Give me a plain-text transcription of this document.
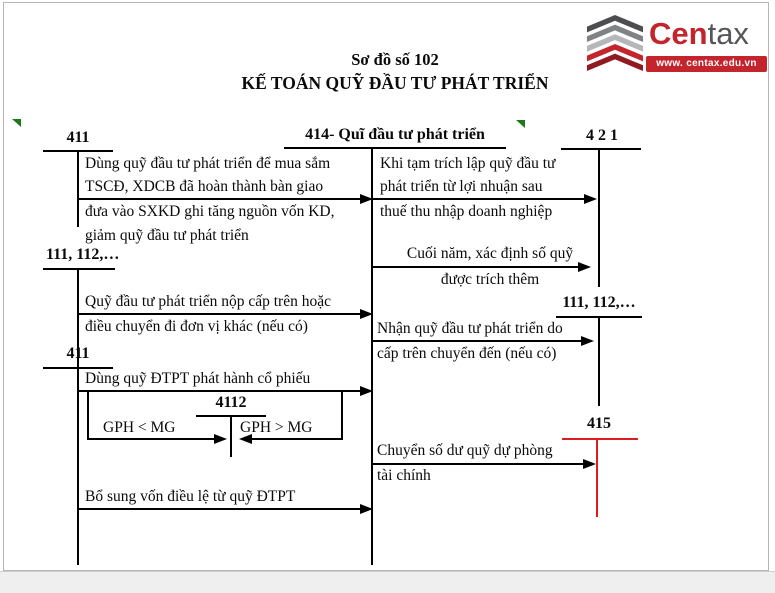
Sơ đồ số 102
KẾ TOÁN QUỸ ĐẦU TƯ PHÁT TRIỂN
Centax
www. centax.edu.vn
411	414- Quĩ đầu tư phát triển	4 2 1
111, 112,…
411
111, 112,…
4112
415
Dùng quỹ đầu tư phát triển để mua sắm
TSCĐ, XDCB đã hoàn thành bàn giao
đưa vào SXKD ghi tăng nguồn vốn KD,
giảm quỹ đầu tư phát triển
Khi tạm trích lập quỹ đầu tư
phát triển từ lợi nhuận sau
thuế thu nhập doanh nghiệp
Cuối năm, xác định số quỹ
được trích thêm
Quỹ đầu tư phát triển nộp cấp trên hoặc
điều chuyển đi đơn vị khác (nếu có)	Nhận quỹ đầu tư phát triển do
cấp trên chuyển đến (nếu có)
Dùng quỹ ĐTPT phát hành cổ phiếu
GPH < MG	GPH > MG
Chuyển số dư quỹ dự phòng
tài chính
Bổ sung vốn điều lệ từ quỹ ĐTPT
